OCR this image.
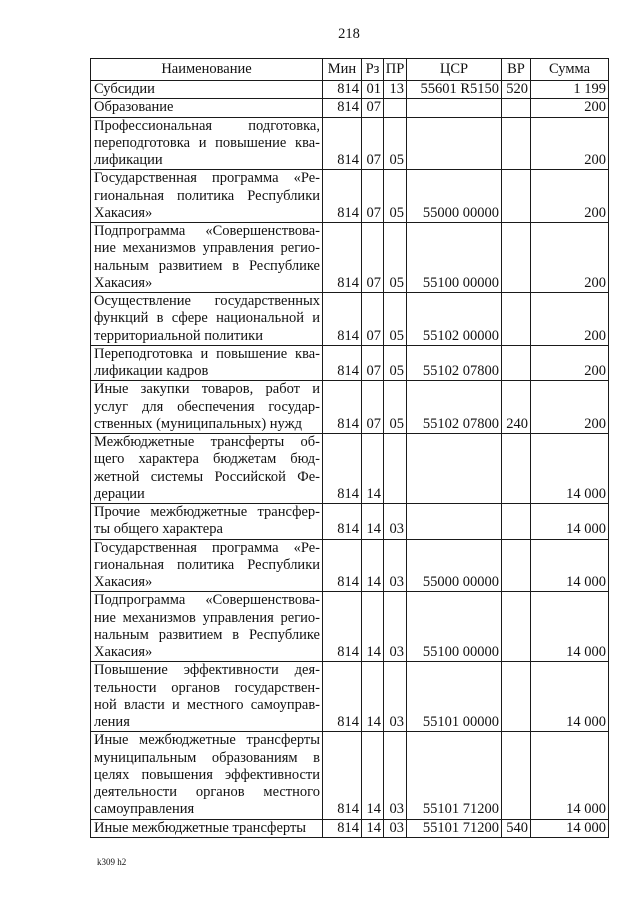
218
Наименование	Мин	Рз	ПР	ЦСР	ВР	Сумма

Субсидии	814	01	13	55601 R5150	520	1 199

Образование	814	07				200

Профессиональная подготовка,
переподготовка и повышение ква-
лификации	814	07	05			200

Государственная программа «Ре-
гиональная политика Республики
Хакасия»	814	07	05	55000 00000		200

Подпрограмма «Совершенствова-
ние механизмов управления регио-
нальным развитием в Республике
Хакасия»	814	07	05	55100 00000		200

Осуществление государственных
функций в сфере национальной и
территориальной политики	814	07	05	55102 00000		200

Переподготовка и повышение ква-
лификации кадров	814	07	05	55102 07800		200

Иные закупки товаров, работ и
услуг для обеспечения государ-
ственных (муниципальных) нужд	814	07	05	55102 07800	240	200

Межбюджетные трансферты об-
щего характера бюджетам бюд-
жетной системы Российской Фе-
дерации	814	14				14 000

Прочие межбюджетные трансфер-
ты общего характера	814	14	03			14 000

Государственная программа «Ре-
гиональная политика Республики
Хакасия»	814	14	03	55000 00000		14 000

Подпрограмма «Совершенствова-
ние механизмов управления регио-
нальным развитием в Республике
Хакасия»	814	14	03	55100 00000		14 000

Повышение эффективности дея-
тельности органов государствен-
ной власти и местного самоуправ-
ления	814	14	03	55101 00000		14 000

Иные межбюджетные трансферты
муниципальным образованиям в
целях повышения эффективности
деятельности органов местного
самоуправления	814	14	03	55101 71200		14 000

Иные межбюджетные трансферты	814	14	03	55101 71200	540	14 000
k309 h2
